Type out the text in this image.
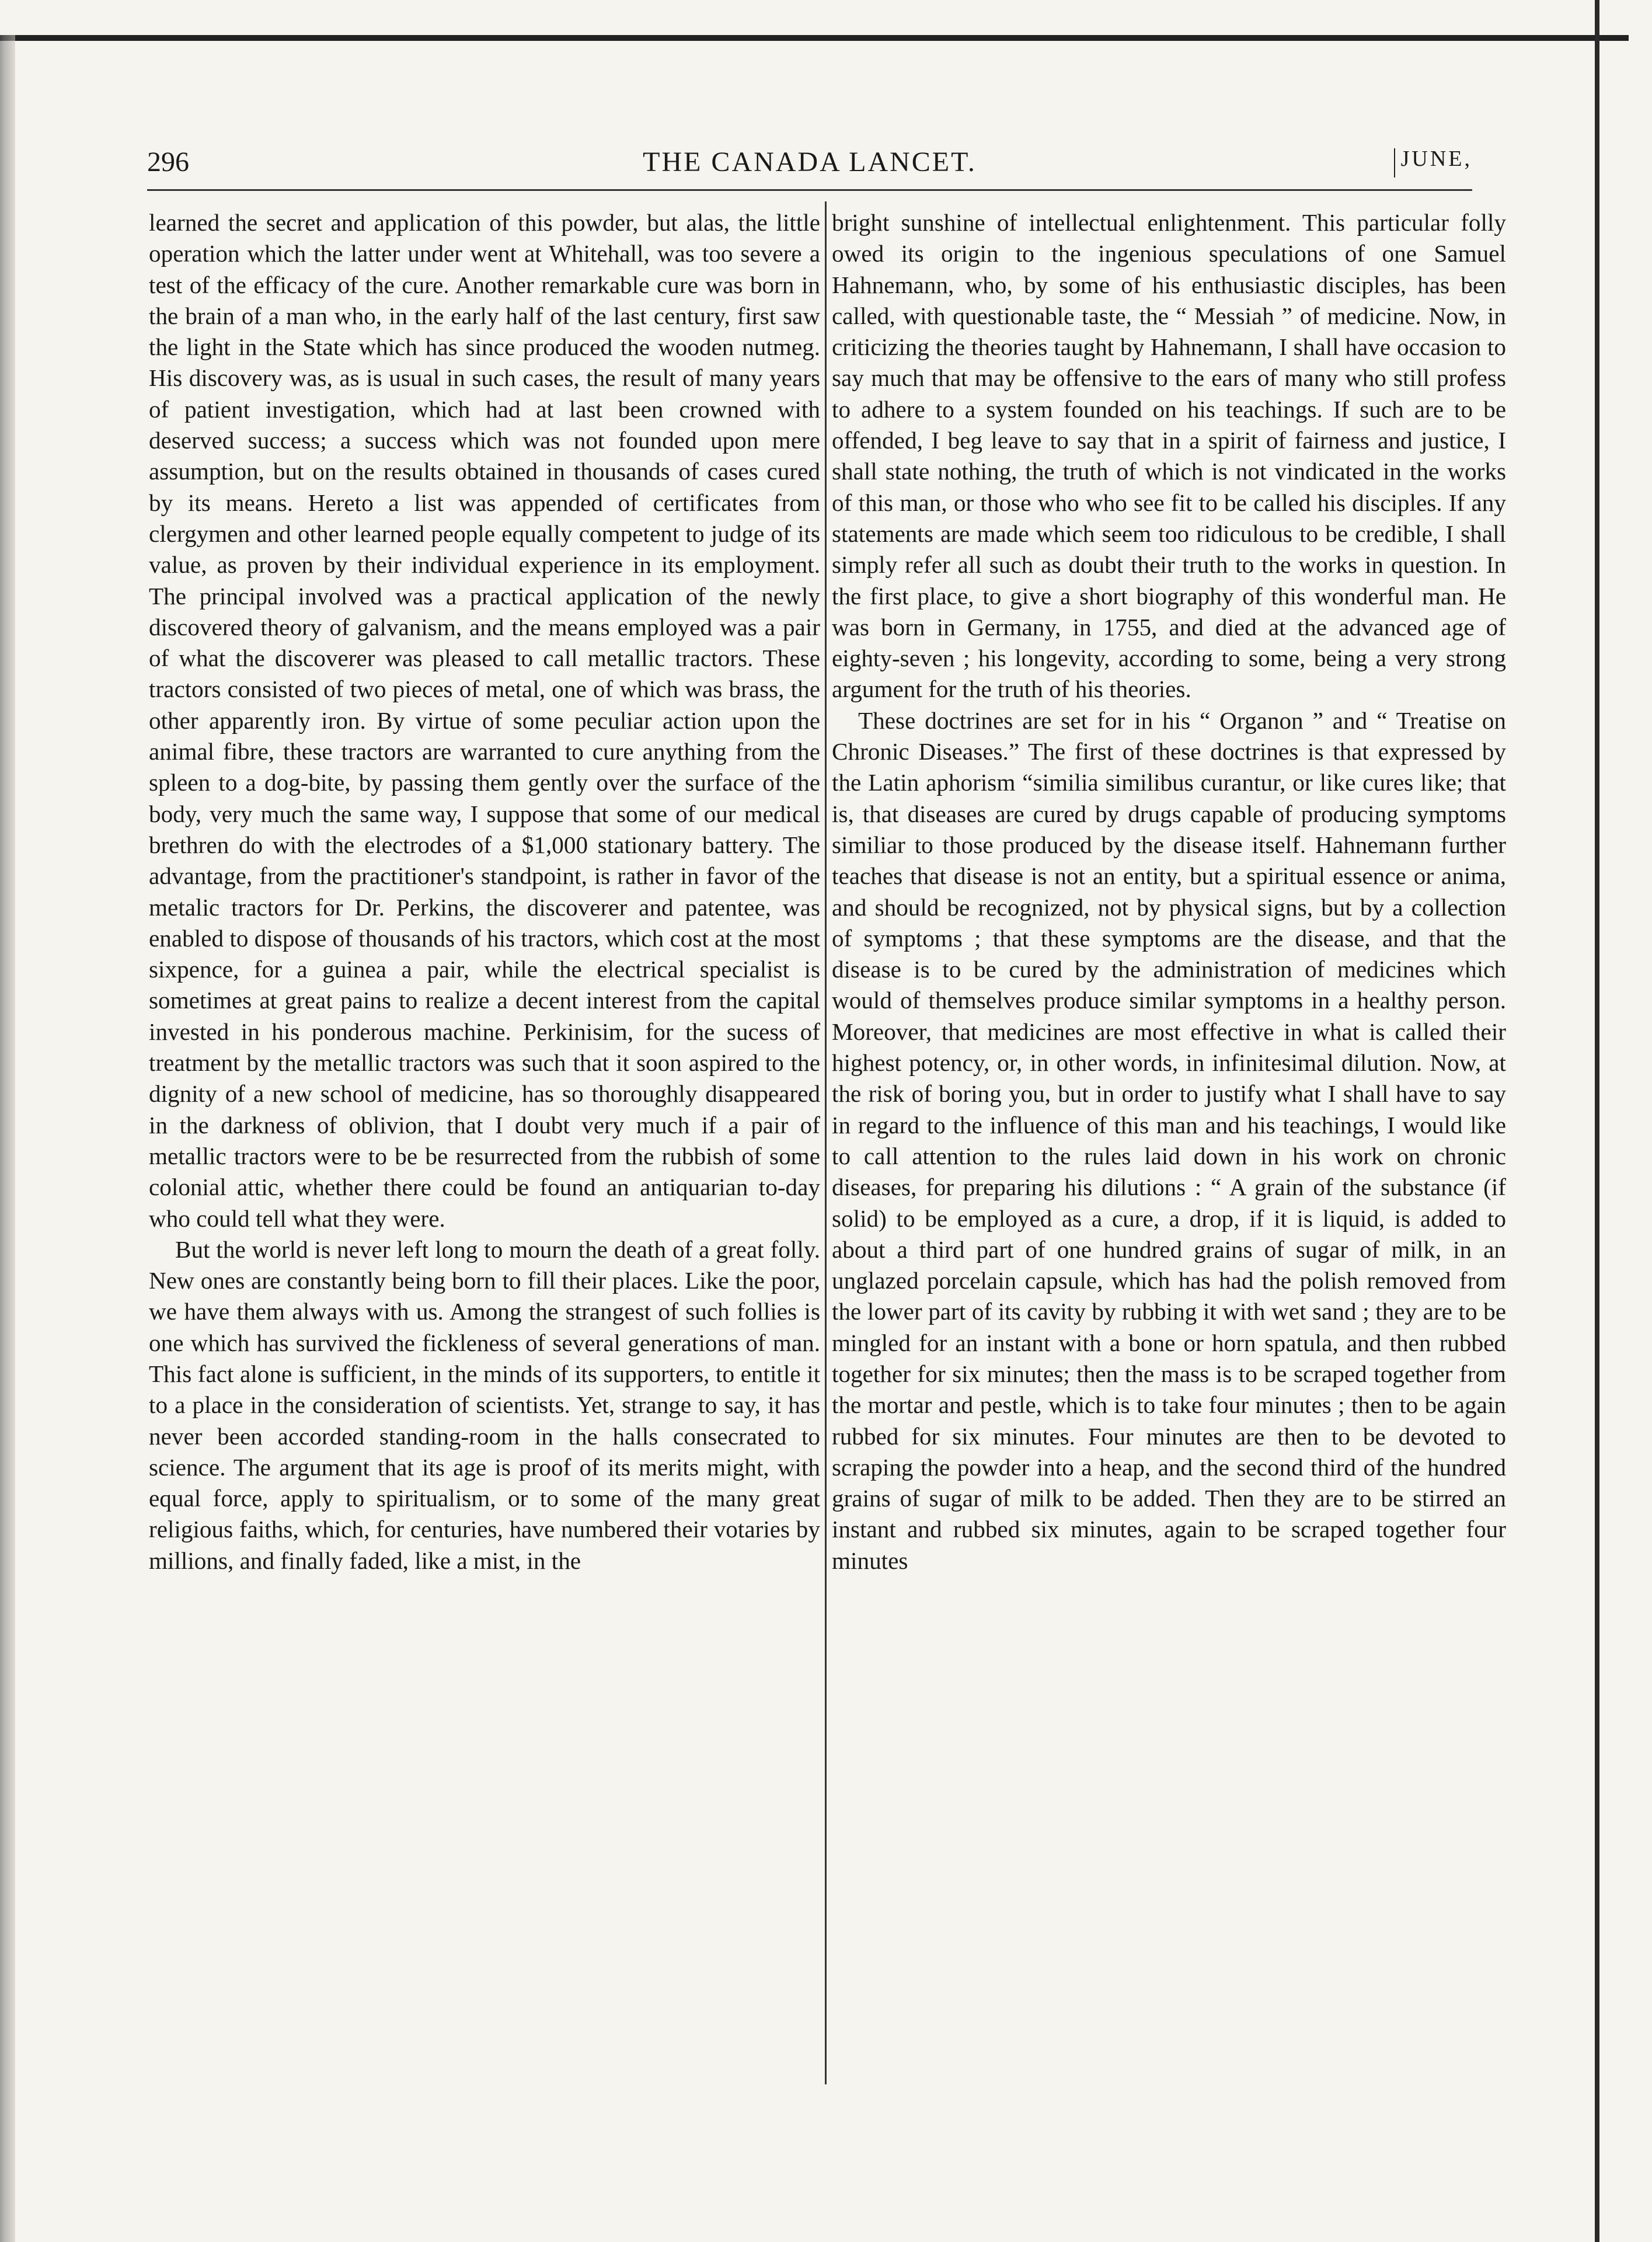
296	THE CANADA LANCET.	JUNE,

learned the secret and application of this powder, but alas, the little operation which the latter under went at Whitehall, was too severe a test of the efficacy of the cure. Another remarkable cure was born in the brain of a man who, in the early half of the last century, first saw the light in the State which has since produced the wooden nutmeg. His discovery was, as is usual in such cases, the result of many years of patient investigation, which had at last been crowned with deserved success; a success which was not founded upon mere assumption, but on the results obtained in thousands of cases cured by its means. Hereto a list was appended of certificates from clergymen and other learned people equally competent to judge of its value, as proven by their individual experience in its employment. The principal involved was a practical application of the newly discovered theory of galvanism, and the means employed was a pair of what the discoverer was pleased to call metallic tractors. These tractors consisted of two pieces of metal, one of which was brass, the other apparently iron. By virtue of some peculiar action upon the animal fibre, these tractors are warranted to cure anything from the spleen to a dog-bite, by passing them gently over the surface of the body, very much the same way, I suppose that some of our medical brethren do with the electrodes of a $1,000 stationary battery. The advantage, from the practitioner's standpoint, is rather in favor of the metalic tractors for Dr. Perkins, the discoverer and patentee, was enabled to dispose of thousands of his tractors, which cost at the most sixpence, for a guinea a pair, while the electrical specialist is sometimes at great pains to realize a decent interest from the capital invested in his ponderous machine. Perkinisim, for the sucess of treatment by the metallic tractors was such that it soon aspired to the dignity of a new school of medicine, has so thoroughly disappeared in the darkness of oblivion, that I doubt very much if a pair of metallic tractors were to be be resurrected from the rubbish of some colonial attic, whether there could be found an antiquarian to-day who could tell what they were.

But the world is never left long to mourn the death of a great folly. New ones are constantly being born to fill their places. Like the poor, we have them always with us. Among the strangest of such follies is one which has survived the fickleness of several generations of man. This fact alone is sufficient, in the minds of its supporters, to entitle it to a place in the consideration of scientists. Yet, strange to say, it has never been accorded standing-room in the halls consecrated to science. The argument that its age is proof of its merits might, with equal force, apply to spiritualism, or to some of the many great religious faiths, which, for centuries, have numbered their votaries by millions, and finally faded, like a mist, in the

bright sunshine of intellectual enlightenment. This particular folly owed its origin to the ingenious speculations of one Samuel Hahnemann, who, by some of his enthusiastic disciples, has been called, with questionable taste, the “ Messiah ” of medicine. Now, in criticizing the theories taught by Hahnemann, I shall have occasion to say much that may be offensive to the ears of many who still profess to adhere to a system founded on his teachings. If such are to be offended, I beg leave to say that in a spirit of fairness and justice, I shall state nothing, the truth of which is not vindicated in the works of this man, or those who who see fit to be called his disciples. If any statements are made which seem too ridiculous to be credible, I shall simply refer all such as doubt their truth to the works in question. In the first place, to give a short biography of this wonderful man. He was born in Germany, in 1755, and died at the advanced age of eighty-seven ; his longevity, according to some, being a very strong argument for the truth of his theories.

These doctrines are set for in his “ Organon ” and “ Treatise on Chronic Diseases.” The first of these doctrines is that expressed by the Latin aphorism “similia similibus curantur, or like cures like; that is, that diseases are cured by drugs capable of producing symptoms similiar to those produced by the disease itself. Hahnemann further teaches that disease is not an entity, but a spiritual essence or anima, and should be recognized, not by physical signs, but by a collection of symptoms ; that these symptoms are the disease, and that the disease is to be cured by the administration of medicines which would of themselves produce similar symptoms in a healthy person. Moreover, that medicines are most effective in what is called their highest potency, or, in other words, in infinitesimal dilution. Now, at the risk of boring you, but in order to justify what I shall have to say in regard to the influence of this man and his teachings, I would like to call attention to the rules laid down in his work on chronic diseases, for preparing his dilutions : “ A grain of the substance (if solid) to be employed as a cure, a drop, if it is liquid, is added to about a third part of one hundred grains of sugar of milk, in an unglazed porcelain capsule, which has had the polish removed from the lower part of its cavity by rubbing it with wet sand ; they are to be mingled for an instant with a bone or horn spatula, and then rubbed together for six minutes; then the mass is to be scraped together from the mortar and pestle, which is to take four minutes ; then to be again rubbed for six minutes. Four minutes are then to be devoted to scraping the powder into a heap, and the second third of the hundred grains of sugar of milk to be added. Then they are to be stirred an instant and rubbed six minutes, again to be scraped together four minutes
